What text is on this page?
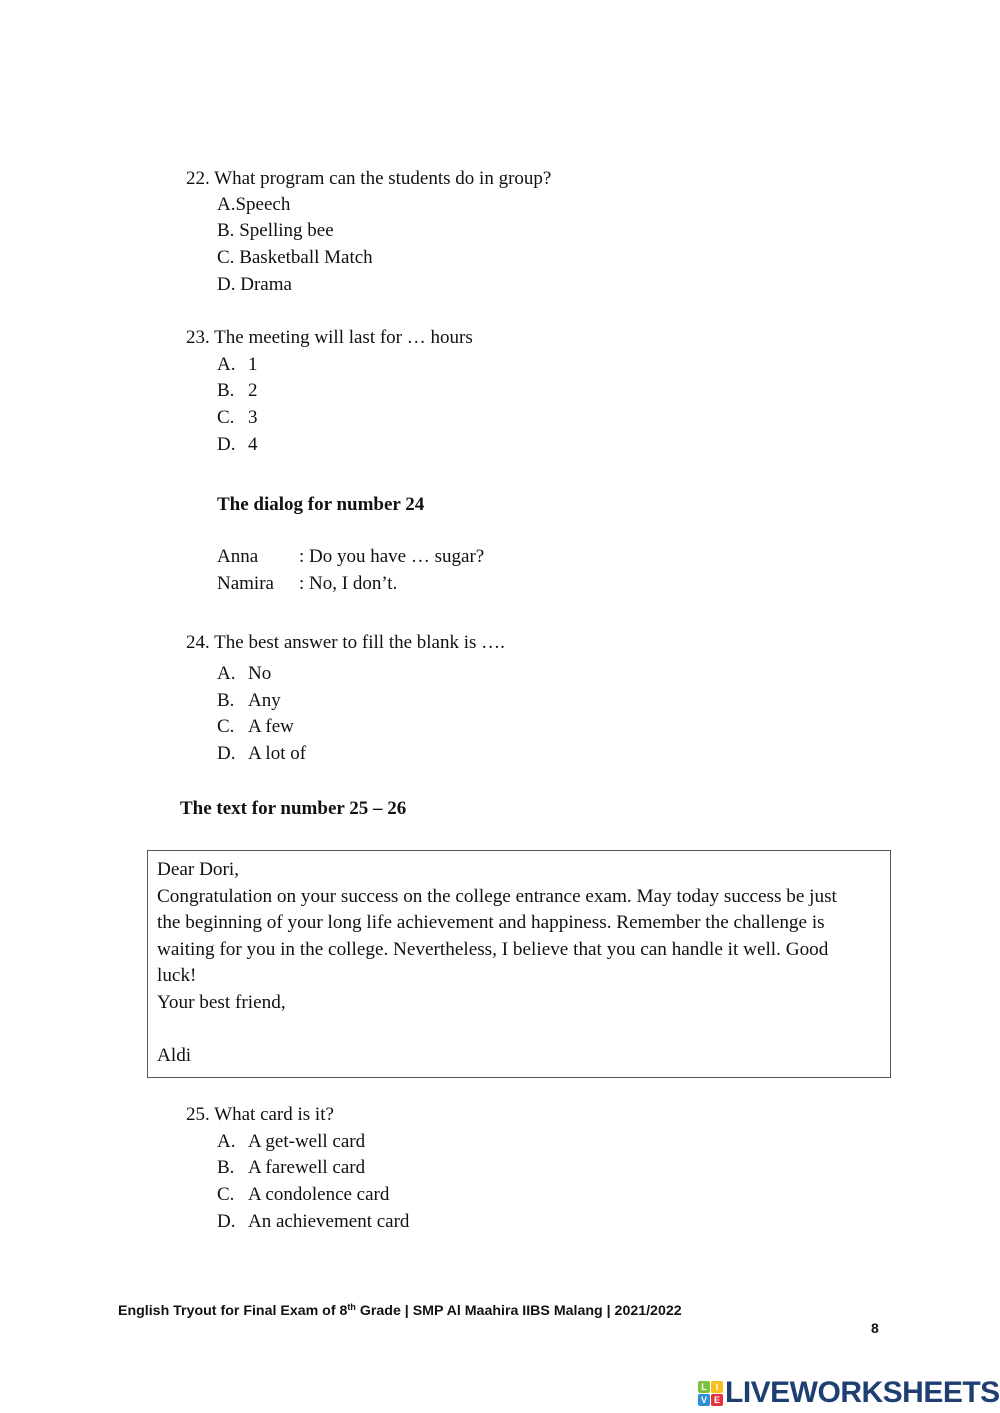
22. What program can the students do in group?
A.Speech
B. Spelling bee
C. Basketball Match
D. Drama
23. The meeting will last for … hours
A. 1
B. 2
C. 3
D. 4
The dialog for number 24
Anna : Do you have … sugar?
Namira : No, I don’t.
24. The best answer to fill the blank is ….
A. No
B. Any
C. A few
D. A lot of
The text for number 25 – 26
Dear Dori,
Congratulation on your success on the college entrance exam. May today success be just
the beginning of your long life achievement and happiness. Remember the challenge is
waiting for you in the college. Nevertheless, I believe that you can handle it well. Good
luck!
Your best friend,
Aldi
25. What card is it?
A. A get-well card
B. A farewell card
C. A condolence card
D. An achievement card
English Tryout for Final Exam of 8th Grade | SMP Al Maahira IIBS Malang | 2021/2022
8
L I
V E LIVEWORKSHEETS
